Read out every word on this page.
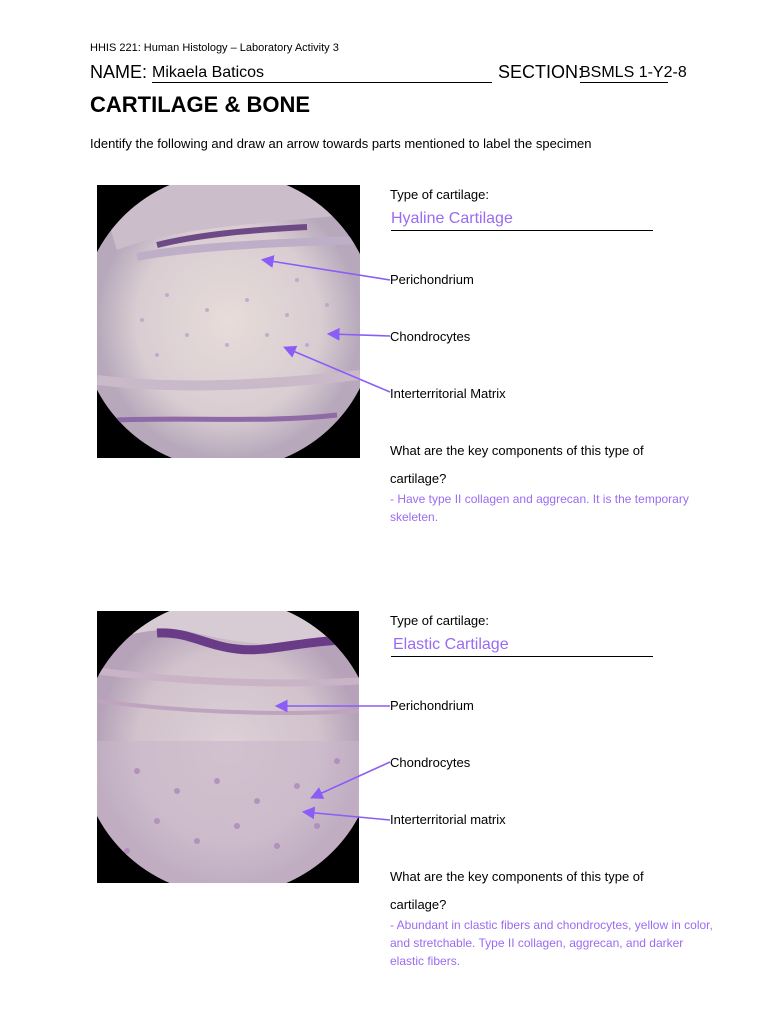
HHIS 221: Human Histology – Laboratory Activity 3
NAME: Mikaela Baticos	SECTION:
BSMLS 1-Y2-8
CARTILAGE & BONE
Identify the following and draw an arrow towards parts mentioned to label the specimen
Type of cartilage:
Hyaline Cartilage
Perichondrium
Chondrocytes
Interterritorial Matrix
What are the key components of this type of
cartilage?
- Have type II collagen and aggrecan. It is the temporary skeleten.
Type of cartilage:
Elastic Cartilage
Perichondrium
Chondrocytes
Interterritorial matrix
What are the key components of this type of
cartilage?
- Abundant in clastic fibers and chondrocytes, yellow in color, and stretchable. Type II collagen, aggrecan, and darker elastic fibers.
